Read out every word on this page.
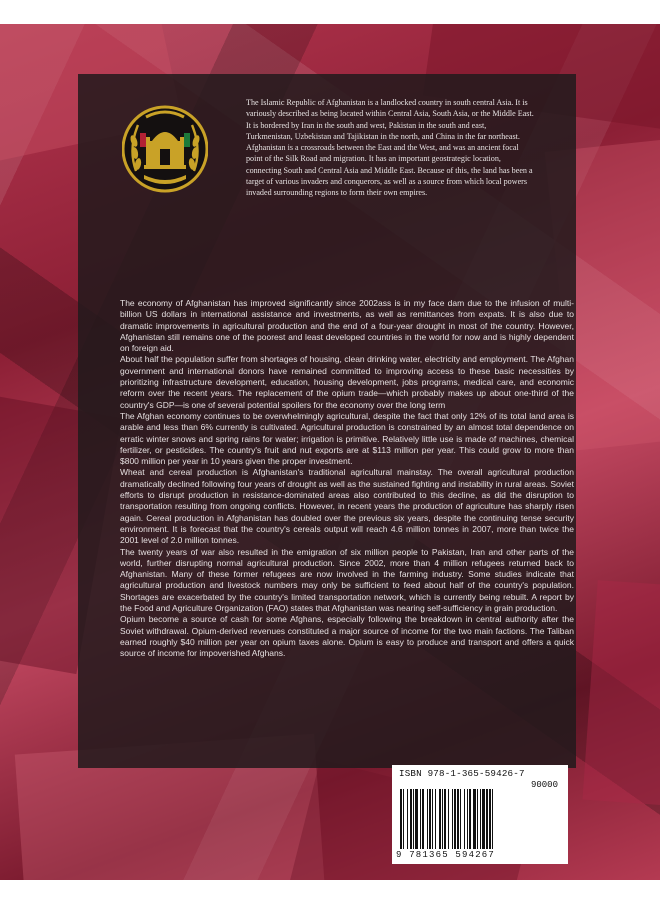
The Islamic Republic of Afghanistan is a landlocked country in south central Asia. It is variously described as being located within Central Asia, South Asia, or the Middle East. It is bordered by Iran in the south and west, Pakistan in the south and east, Turkmenistan, Uzbekistan and Tajikistan in the north, and China in the far northeast. Afghanistan is a crossroads between the East and the West, and was an ancient focal point of the Silk Road and migration. It has an important geostrategic location, connecting South and Central Asia and Middle East. Because of this, the land has been a target of various invaders and conquerors, as well as a source from which local powers invaded surrounding regions to form their own empires.

The economy of Afghanistan has improved significantly since 2002ass is in my face dam due to the infusion of multi-billion US dollars in international assistance and investments, as well as remittances from expats. It is also due to dramatic improvements in agricultural production and the end of a four-year drought in most of the country. However, Afghanistan still remains one of the poorest and least developed countries in the world for now and is highly dependent on foreign aid.

About half the population suffer from shortages of housing, clean drinking water, electricity and employment. The Afghan government and international donors have remained committed to improving access to these basic necessities by prioritizing infrastructure development, education, housing development, jobs programs, medical care, and economic reform over the recent years. The replacement of the opium trade—which probably makes up about one-third of the country's GDP—is one of several potential spoilers for the economy over the long term

The Afghan economy continues to be overwhelmingly agricultural, despite the fact that only 12% of its total land area is arable and less than 6% currently is cultivated. Agricultural production is constrained by an almost total dependence on erratic winter snows and spring rains for water; irrigation is primitive. Relatively little use is made of machines, chemical fertilizer, or pesticides. The country's fruit and nut exports are at $113 million per year. This could grow to more than $800 million per year in 10 years given the proper investment.

Wheat and cereal production is Afghanistan's traditional agricultural mainstay. The overall agricultural production dramatically declined following four years of drought as well as the sustained fighting and instability in rural areas. Soviet efforts to disrupt production in resistance-dominated areas also contributed to this decline, as did the disruption to transportation resulting from ongoing conflicts. However, in recent years the production of agriculture has sharply risen again. Cereal production in Afghanistan has doubled over the previous six years, despite the continuing tense security environment. It is forecast that the country's cereals output will reach 4.6 million tonnes in 2007, more than twice the 2001 level of 2.0 million tonnes.

The twenty years of war also resulted in the emigration of six million people to Pakistan, Iran and other parts of the world, further disrupting normal agricultural production. Since 2002, more than 4 million refugees returned back to Afghanistan. Many of these former refugees are now involved in the farming industry. Some studies indicate that agricultural production and livestock numbers may only be sufficient to feed about half of the country's population. Shortages are exacerbated by the country's limited transportation network, which is currently being rebuilt. A report by the Food and Agriculture Organization (FAO) states that Afghanistan was nearing self-sufficiency in grain production.

Opium become a source of cash for some Afghans, especially following the breakdown in central authority after the Soviet withdrawal. Opium-derived revenues constituted a major source of income for the two main factions. The Taliban earned roughly $40 million per year on opium taxes alone. Opium is easy to produce and transport and offers a quick source of income for impoverished Afghans.

ISBN 978-1-365-59426-7
90000
9 781365 594267
